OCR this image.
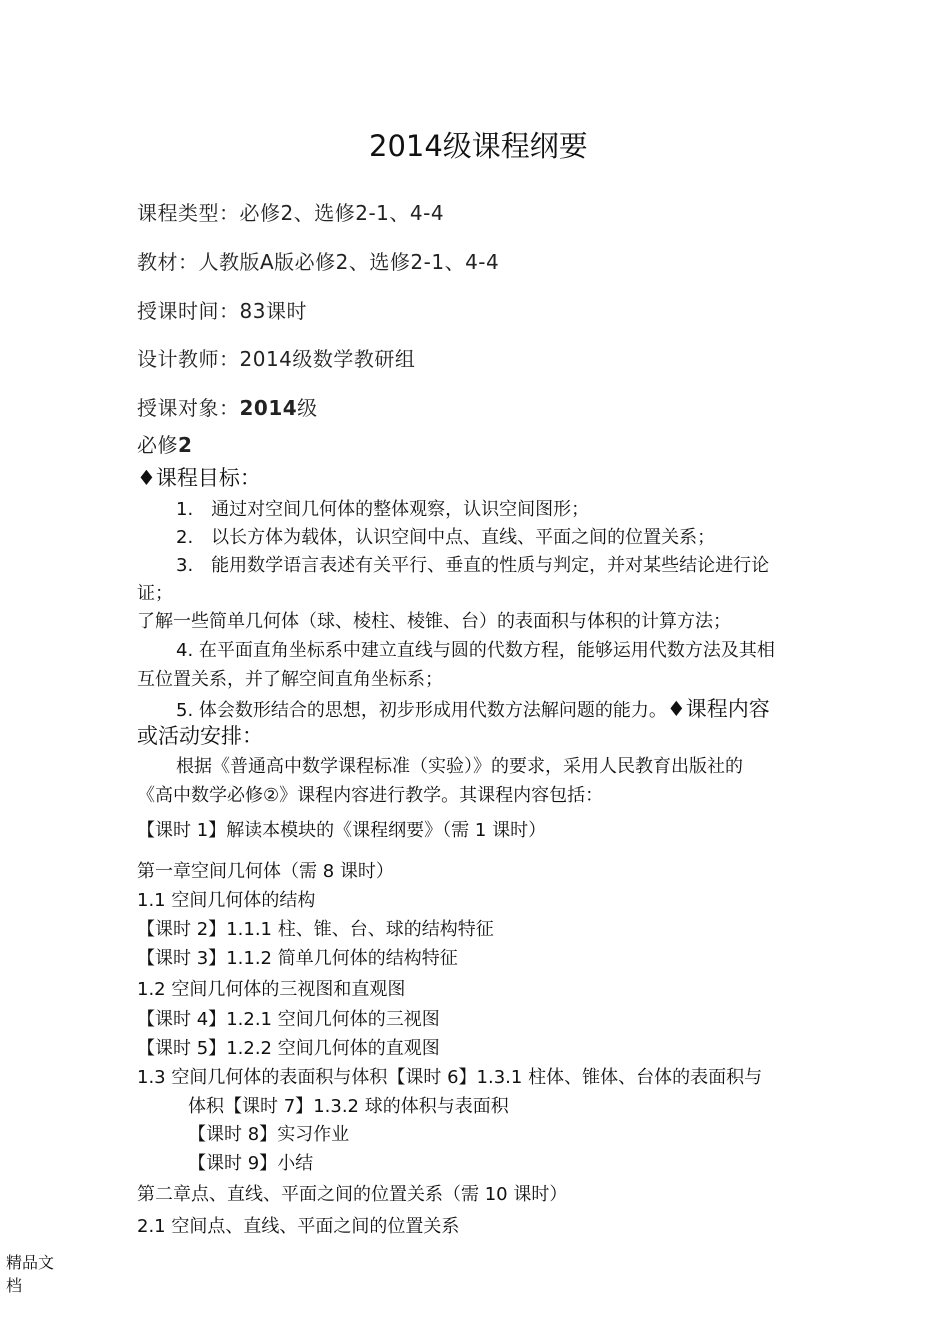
2014级课程纲要
课程类型：必修2、选修2-1、4-4
教材：人教版A版必修2、选修2-1、4-4
授课时间：83课时
设计教师：2014级数学教研组
授课对象：2014级
必修2
♦课程目标：
1.　通过对空间几何体的整体观察，认识空间图形；
2.　以长方体为载体，认识空间中点、直线、平面之间的位置关系；
3.　能用数学语言表述有关平行、垂直的性质与判定，并对某些结论进行论
证；
了解一些简单几何体（球、棱柱、棱锥、台）的表面积与体积的计算方法；
4. 在平面直角坐标系中建立直线与圆的代数方程，能够运用代数方法及其相
互位置关系，并了解空间直角坐标系；
5. 体会数形结合的思想，初步形成用代数方法解问题的能力。♦课程内容
或活动安排：
根据《普通高中数学课程标准（实验）》的要求，采用人民教育出版社的
《高中数学必修②》课程内容进行教学。其课程内容包括：
【课时 1】解读本模块的《课程纲要》（需 1 课时）
第一章空间几何体（需 8 课时）
1.1 空间几何体的结构
【课时 2】1.1.1 柱、锥、台、球的结构特征
【课时 3】1.1.2 简单几何体的结构特征
1.2 空间几何体的三视图和直观图
【课时 4】1.2.1 空间几何体的三视图
【课时 5】1.2.2 空间几何体的直观图
1.3 空间几何体的表面积与体积【课时 6】1.3.1 柱体、锥体、台体的表面积与
体积【课时 7】1.3.2 球的体积与表面积
【课时 8】实习作业
【课时 9】小结
第二章点、直线、平面之间的位置关系（需 10 课时）
2.1 空间点、直线、平面之间的位置关系
精品文档
